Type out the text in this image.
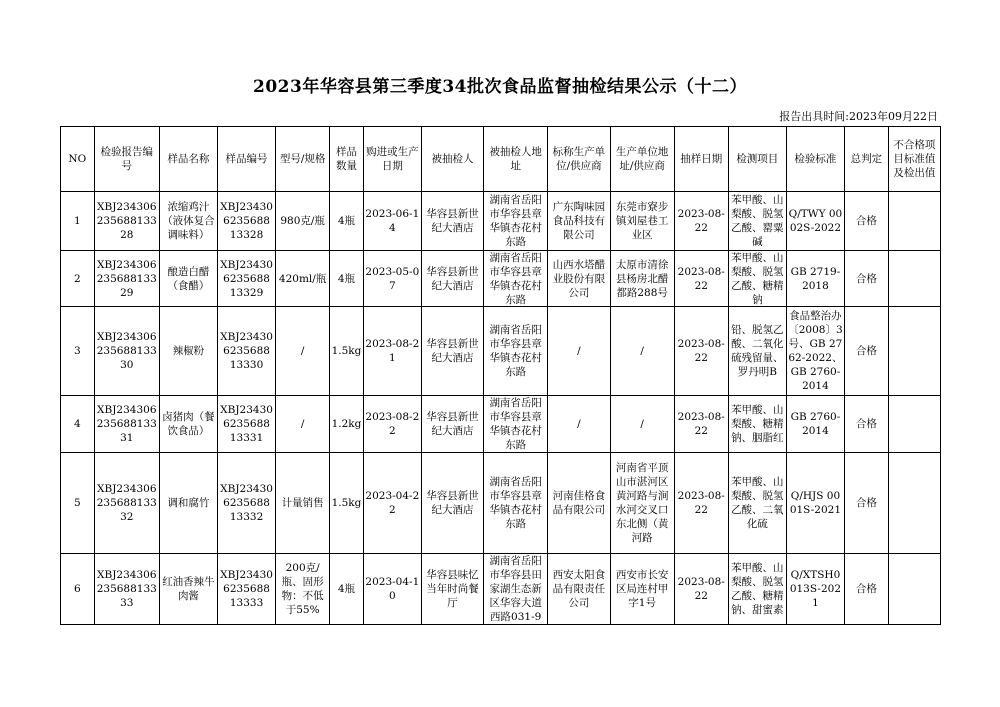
2023年华容县第三季度34批次食品监督抽检结果公示（十二）
报告出具时间:2023年09月22日
NO	检验报告编号	样品名称	样品编号	型号/规格	样品数量	购进或生产日期	被抽检人	被抽检人地址	标称生产单位/供应商	生产单位地址/供应商	抽样日期	检测项目	检验标准	总判定	不合格项目标准值及检出值

1	XBJ23430623568813328	浓缩鸡汁（液体复合调味料）	XBJ234306235688 13328	980克/瓶	4瓶	2023-06-14	华容县新世纪大酒店	湖南省岳阳市华容县章华镇杏花村东路	广东陶味园食品科技有限公司	东莞市寮步镇刘屋巷工业区	2023-08-22	苯甲酸、山梨酸、脱氢乙酸、罂粟碱	Q/TWY 0002S-2022	合格	

2	XBJ23430623568813329	酿造白醋（食醋）	XBJ234306235688 13329	420ml/瓶	4瓶	2023-05-07	华容县新世纪大酒店	湖南省岳阳市华容县章华镇杏花村东路	山西水塔醋业股份有限公司	太原市清徐县杨房北醋都路288号	2023-08-22	苯甲酸、山梨酸、脱氢乙酸、糖精钠	GB 2719-2018	合格	

3	XBJ23430623568813330	辣椒粉	XBJ234306235688 13330	/	1.5kg	2023-08-21	华容县新世纪大酒店	湖南省岳阳市华容县章华镇杏花村东路	/	/	2023-08-22	铅、脱氢乙酸、二氧化硫残留量、罗丹明B	食品整治办〔2008〕3号、GB 2762-2022、GB 2760-2014	合格	

4	XBJ23430623568813331	卤猪肉（餐饮食品）	XBJ234306235688 13331	/	1.2kg	2023-08-22	华容县新世纪大酒店	湖南省岳阳市华容县章华镇杏花村东路	/	/	2023-08-22	苯甲酸、山梨酸、糖精钠、胭脂红	GB 2760-2014	合格	

5	XBJ23430623568813332	调和腐竹	XBJ234306235688 13332	计量销售	1.5kg	2023-04-22	华容县新世纪大酒店	湖南省岳阳市华容县章华镇杏花村东路	河南佳格食品有限公司	河南省平顶山市湛河区黄河路与涧水河交叉口东北侧（黄河路	2023-08-22	苯甲酸、山梨酸、脱氢乙酸、二氧化硫	Q/HJS 0001S-2021	合格	

6	XBJ23430623568813333	红油香辣牛肉酱	XBJ234306235688 13333	200克/瓶、固形物：不低于55%	4瓶	2023-04-10	华容县味忆当年时尚餐厅	湖南省岳阳市华容县田家湖生态新区华容大道西路031-9	西安太阳食品有限责任公司	西安市长安区局连村甲字1号	2023-08-22	苯甲酸、山梨酸、脱氢乙酸、糖精钠、甜蜜素	Q/XTSH0013S-2021	合格	
